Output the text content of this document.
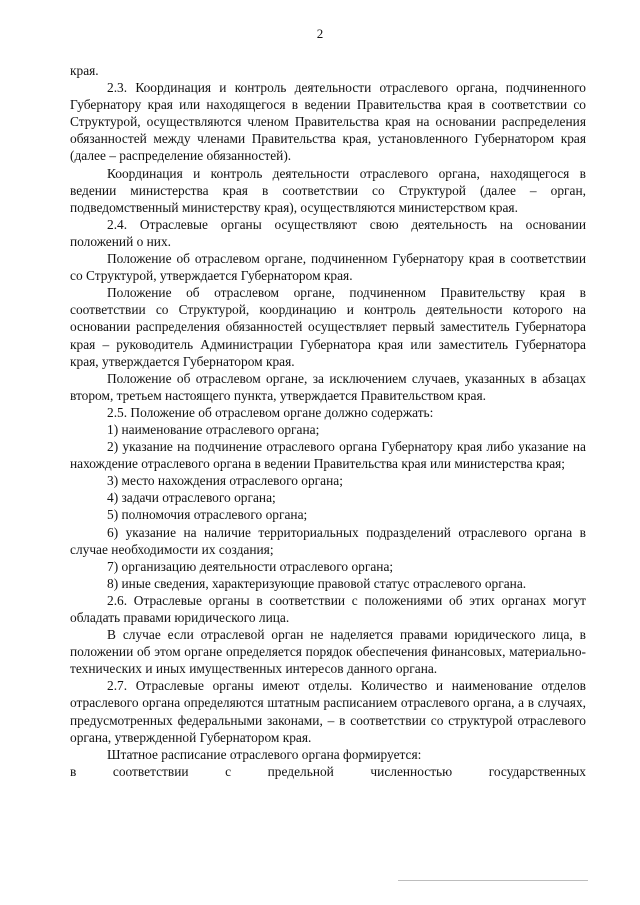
2

края.

2.3. Координация и контроль деятельности отраслевого органа, подчиненного Губернатору края или находящегося в ведении Правительства края в соответствии со Структурой, осуществляются членом Правительства края на основании распределения обязанностей между членами Правительства края, установленного Губернатором края (далее – распределение обязанностей).

Координация и контроль деятельности отраслевого органа, находящегося в ведении министерства края в соответствии со Структурой (далее – орган, подведомственный министерству края), осуществляются министерством края.

2.4. Отраслевые органы осуществляют свою деятельность на основании положений о них.

Положение об отраслевом органе, подчиненном Губернатору края в соответствии со Структурой, утверждается Губернатором края.

Положение об отраслевом органе, подчиненном Правительству края в соответствии со Структурой, координацию и контроль деятельности которого на основании распределения обязанностей осуществляет первый заместитель Губернатора края – руководитель Администрации Губернатора края или заместитель Губернатора края, утверждается Губернатором края.

Положение об отраслевом органе, за исключением случаев, указанных в абзацах втором, третьем настоящего пункта, утверждается Правительством края.

2.5. Положение об отраслевом органе должно содержать:

1) наименование отраслевого органа;

2) указание на подчинение отраслевого органа Губернатору края либо указание на нахождение отраслевого органа в ведении Правительства края или министерства края;

3) место нахождения отраслевого органа;

4) задачи отраслевого органа;

5) полномочия отраслевого органа;

6) указание на наличие территориальных подразделений отраслевого органа в случае необходимости их создания;

7) организацию деятельности отраслевого органа;

8) иные сведения, характеризующие правовой статус отраслевого органа.

2.6. Отраслевые органы в соответствии с положениями об этих органах могут обладать правами юридического лица.

В случае если отраслевой орган не наделяется правами юридического лица, в положении об этом органе определяется порядок обеспечения финансовых, материально-технических и иных имущественных интересов данного органа.

2.7. Отраслевые органы имеют отделы. Количество и наименование отделов отраслевого органа определяются штатным расписанием отраслевого органа, а в случаях, предусмотренных федеральными законами, – в соответствии со структурой отраслевого органа, утвержденной Губернатором края.

Штатное расписание отраслевого органа формируется:

в соответствии с предельной численностью государственных
